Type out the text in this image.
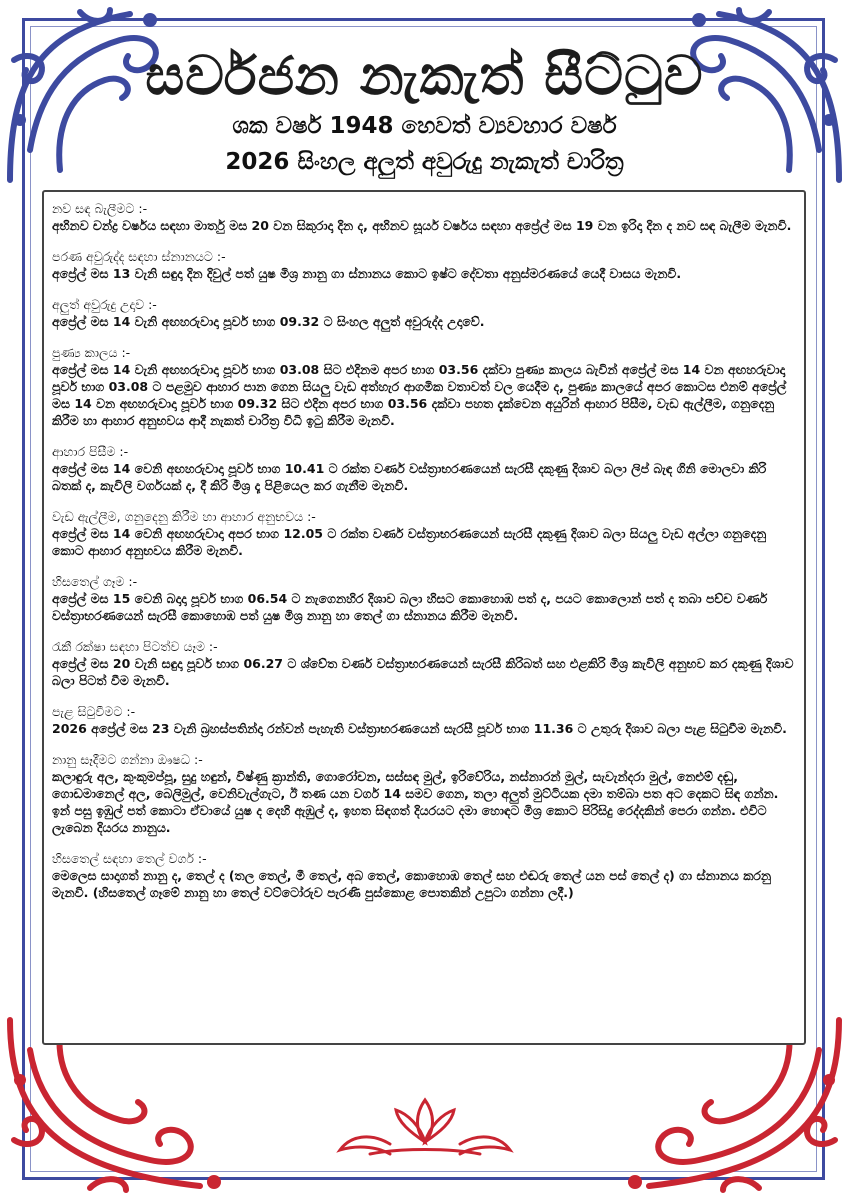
සර්වජන නැකැත් සීට්ටුව
ශක වර්ෂ 1948 හෙවත් ව්‍යවහාර වර්ෂ
2026 සිංහල අලුත් අවුරුදු නැකැත් චාරිත්‍ර

නව සඳ බැලීමට :-

අභිනව චන්ද්‍ර වර්ෂය සඳහා මාර්තු මස 20 වන සිකුරාදා දින ද, අභිනව සූර්ය වර්ෂය සඳහා අප්‍රේල් මස 19 වන ඉරිදා දින ද නව සඳ බැලීම මැනවි.

පරණ අවුරුද්ද සඳහා ස්නානයට :-

අප්‍රේල් මස 13 වැනි සඳුදා දින දිවුල් පත් යුෂ මිශ්‍ර නානු ගා ස්නානය කොට ඉෂ්ට දේවතා අනුස්මරණයේ යෙදී වාසය මැනවි.

අලුත් අවුරුදු උදාව :-

අප්‍රේල් මස 14 වැනි අඟහරුවාදා පූර්ව භාග 09.32 ට සිංහල අලුත් අවුරුද්ද උදාවේ.

පුණ්‍ය කාලය :-

අප්‍රේල් මස 14 වැනි අඟහරුවාදා පූර්ව භාග 03.08 සිට එදිනම අපර භාග 03.56 දක්වා පුණ්‍ය කාලය බැවින් අප්‍රේල් මස 14 වන අඟහරුවාදා පූර්ව භාග 03.08 ට පළමුව ආහාර පාන ගෙන සියලු වැඩ අත්හැර ආගමික වතාවත් වල යෙදීම ද, පුණ්‍ය කාලයේ අපර කොටස එනම් අප්‍රේල් මස 14 වන අඟහරුවාදා පූර්ව භාග 09.32 සිට එදින අපර භාග 03.56 දක්වා පහත දැක්වෙන අයුරින් ආහාර පිසීම, වැඩ ඇල්ලීම, ගනුදෙනු කිරීම හා ආහාර අනුභවය ආදී නැකත් චාරිත්‍ර විධි ඉටු කිරීම මැනවි.

ආහාර පිසීම :-

අප්‍රේල් මස 14 වෙනි අඟහරුවාදා පූර්ව භාග 10.41 ට රක්ත වර්ණ වස්ත්‍රාභරණයෙන් සැරසී දකුණු දිශාව බලා ලිප් බැඳ ගිනි මොලවා කිරි බතක් ද, කැවිලි වර්ගයක් ද, දී කිරි මිශ්‍ර දෑ පිළියෙල කර ගැනීම මැනවි.

වැඩ ඇල්ලීම, ගනුදෙනු කිරීම හා ආහාර අනුභවය :-

අප්‍රේල් මස 14 වෙනි අඟහරුවාදා අපර භාග 12.05 ට රක්ත වර්ණ වස්ත්‍රාභරණයෙන් සැරසී දකුණු දිශාව බලා සියලු වැඩ අල්ලා ගනුදෙනු කොට ආහාර අනුභවය කිරීම මැනවි.

හිසතෙල් ගෑම :-

අප්‍රේල් මස 15 වෙනි බදාදා පූර්ව භාග 06.54 ට නැගෙනහිර දිශාව බලා හිසට කොහොඹ පත් ද, පයට කොලොන් පත් ද තබා පච්ච වර්ණ වස්ත්‍රාභරණයෙන් සැරසී කොහොඹ පත් යුෂ මිශ්‍ර නානු හා තෙල් ගා ස්නානය කිරීම මැනවි.

රැකී රක්ෂා සඳහා පිටත්ව යෑම :-

අප්‍රේල් මස 20 වැනි සඳුදා පූර්ව භාග 06.27 ට ශ්වේත වර්ණ වස්ත්‍රාභරණයෙන් සැරසී කිරිබත් සහ එළකිරි මිශ්‍ර කැවිලි අනුභව කර දකුණු දිශාව බලා පිටත් වීම මැනවි.

පැළ සිටුවීමට :-

2026 අප්‍රේල් මස 23 වැනි බ්‍රහස්පතින්දා රන්වන් පැහැති වස්ත්‍රාභරණයෙන් සැරසී පූර්ව භාග 11.36 ට උතුරු දිශාව බලා පැළ සිටුවීම මැනවි.

නානු සෑදීමට ගන්නා ඖෂධ :-

කලාඳුරු අල, කුංකුමප්පූ, සුදු හඳුන්, විෂ්ණු ක්‍රාන්ති, ගොරෝචන, සස්සඳ මුල්, ඉරිවේරිය, නස්නාරන් මුල්, සැවැන්දරා මුල්, නෙළුම් දඬු, ගොඩමානෙල් අල, බෙලිමුල්, වෙනිවැල්ගැට, ඊ තණ යන වර්ග 14 සමව ගෙන, තලා අලුත් මුට්ටියක දමා තම්බා පත අට දෙකට සිඳ ගන්න. ඉන් පසු ඉඹුල් පත් කොටා ඒවායේ යුෂ ද දෙහි ඇඹුල් ද, ඉහත සිඳගත් දියරයට දමා හොඳට මිශ්‍ර කොට පිරිසිදු රෙද්දකින් පෙරා ගන්න. එවිට ලැබෙන දියරය නානුය.

හිසතෙල් සඳහා තෙල් වර්ග :-

මෙලෙස සාදාගත් නානු ද, තෙල් ද (තල තෙල්, මී තෙල්, අබ තෙල්, කොහොඹ තෙල් සහ එඬරු තෙල් යන පස් තෙල් ද) ගා ස්නානය කරනු මැනවි. (හිසතෙල් ගෑමේ නානු හා තෙල් වට්ටෝරුව පැරණි පුස්කොළ පොතකින් උපුටා ගන්නා ලදී.)
